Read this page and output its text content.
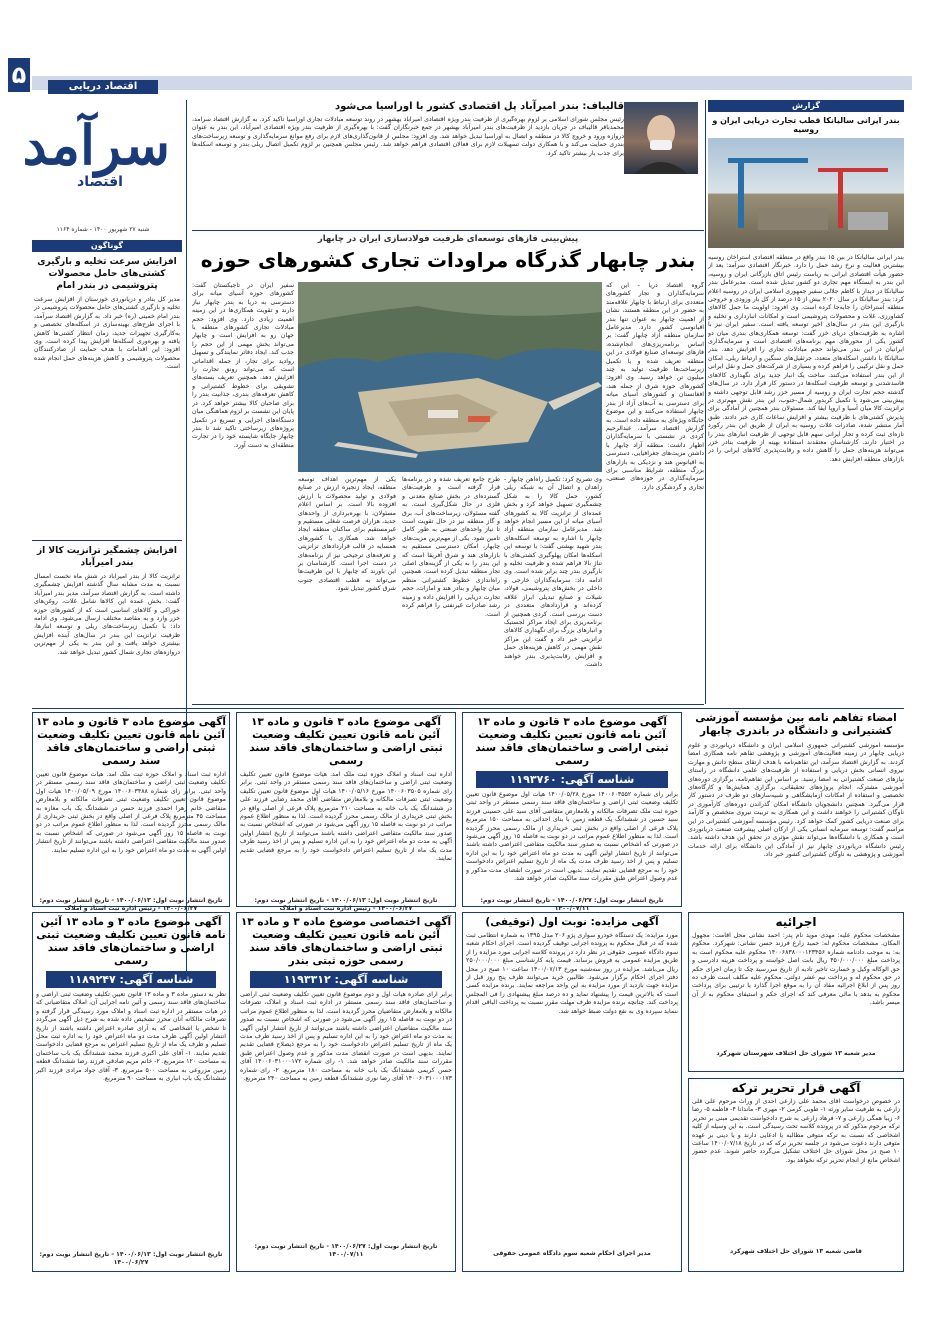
۵	اقتصاد دریایی
سرآمد
اقتصاد
شنبه ۲۷ شهریور ۱۴۰۰ - شماره ۱۱۶۴
گوناگون
افزایش سرعت تخلیه و بارگیری کشتی‌های حامل محصولات پتروشیمی در بندر امام
مدیر کل بنادر و دریانوردی خوزستان از افزایش سرعت تخلیه و بارگیری کشتی‌های حامل محصولات پتروشیمی در بندر امام خمینی (ره) خبر داد. به گزارش اقتصاد سرآمد، با اجرای طرح‌های بهینه‌سازی در اسکله‌های تخصصی و به‌کارگیری تجهیزات جدید، زمان انتظار کشتی‌ها کاهش یافته و بهره‌وری اسکله‌ها افزایش پیدا کرده است. وی افزود: این اقدامات با هدف حمایت از صادرکنندگان محصولات پتروشیمی و کاهش هزینه‌های حمل انجام شده است.
افزایش چشمگیر ترانزیت کالا از بندر امیرآباد
ترانزیت کالا از بندر امیرآباد در شش ماه نخست امسال نسبت به مدت مشابه سال گذشته افزایش چشمگیری داشته است. به گزارش اقتصاد سرآمد، مدیر بندر امیرآباد گفت: بخش عمده این کالاها شامل غلات، روغن‌های خوراکی و کالاهای اساسی است که از کشورهای حوزه خزر وارد و به مقاصد مختلف ارسال می‌شود. وی ادامه داد: با تکمیل زیرساخت‌های ریلی و توسعه انبارها، ظرفیت ترانزیت این بندر در سال‌های آینده افزایش بیشتری خواهد یافت و این بندر به یکی از مهم‌ترین دروازه‌های تجاری شمال کشور تبدیل خواهد شد.
قالیباف: بندر امیرآباد پل اقتصادی کشور با اوراسیا می‌شود
رئیس مجلس شورای اسلامی بر لزوم بهره‌گیری از ظرفیت بندر ویژه اقتصادی امیرآباد بهشهر در روند توسعه مبادلات تجاری اوراسیا تاکید کرد. به گزارش اقتصاد سرآمد، محمدباقر قالیباف در جریان بازدید از ظرفیت‌های بندر امیرآباد بهشهر در جمع خبرنگاران گفت: با بهره‌گیری از ظرفیت بندر ویژه اقتصادی امیرآباد، این بندر به عنوان دروازه ورود و خروج کالا در منطقه و اتصال به اوراسیا تبدیل خواهد شد. وی افزود: مجلس از قانون‌گذاری‌های لازم برای رفع موانع سرمایه‌گذاری و توسعه زیرساخت‌های بندری حمایت می‌کند و با همکاری دولت تسهیلات لازم برای فعالان اقتصادی فراهم خواهد شد. رئیس مجلس همچنین بر لزوم تکمیل اتصال ریلی بندر و توسعه اسکله‌ها برای جذب بار بیشتر تاکید کرد.
پیش‌بینی فازهای توسعه‌ای ظرفیت فولادسازی ایران در چابهار
بندر چابهار گذرگاه مراودات تجاری کشورهای حوزه
گروه اقتصاد دریا - این که سرمایه‌گذاران و تجار کشورهای متعددی برای ارتباط با چابهار علاقه‌مند به حضور در این منطقه هستند، نشان از اهمیت چابهار به عنوان تنها بندر اقیانوسی کشور دارد. مدیرعامل سازمان منطقه آزاد چابهار گفت: بر اساس برنامه‌ریزی‌های انجام‌شده، فازهای توسعه‌ای صنایع فولادی در این منطقه تعریف شده و با تکمیل زیرساخت‌ها ظرفیت تولید به چند میلیون تن خواهد رسید. وی افزود: کشورهای حوزه شرق از جمله هند، افغانستان و کشورهای آسیای میانه برای دسترسی به آب‌های آزاد از بندر چابهار استفاده می‌کنند و این موضوع جایگاه ویژه‌ای به منطقه داده است. به گزارش اقتصاد سرآمد، عبدالرحیم کردی در نشستی با سرمایه‌گذاران اظهار داشت: منطقه آزاد چابهار با داشتن مزیت‌های جغرافیایی، دسترسی به اقیانوس هند و نزدیکی به بازارهای بزرگ منطقه، شرایط مناسبی برای سرمایه‌گذاری در حوزه‌های صنعتی، تجاری و گردشگری دارد.
وی تصریح کرد: تکمیل راه‌آهن چابهار - زاهدان و اتصال آن به شبکه ریلی کشور، حمل کالا را به شکل چشمگیری تسهیل خواهد کرد و بخش عمده‌ای از ترانزیت کالا به کشورهای آسیای میانه از این مسیر انجام خواهد شد. مدیرعامل سازمان منطقه آزاد چابهار با اشاره به توسعه اسکله‌های بندر شهید بهشتی گفت: با توسعه این اسکله‌ها امکان پهلوگیری کشتی‌های با تناژ بالا فراهم شده و ظرفیت تخلیه و بارگیری بندر چند برابر شده است. وی ادامه داد: سرمایه‌گذاران خارجی و داخلی در بخش‌های پتروشیمی، فولاد، شیلات و صنایع تبدیلی ابراز علاقه کرده‌اند و قراردادهای متعددی در دست بررسی است. کردی همچنین از برنامه‌ریزی برای ایجاد مراکز لجستیک و انبارهای بزرگ برای نگهداری کالاهای ترانزیتی خبر داد و گفت این مراکز نقش مهمی در کاهش هزینه‌های حمل و افزایش رقابت‌پذیری بندر خواهند داشت.
طرح جامع تعریف شده و در برنامه‌ها قرار گرفته است و ظرفیت‌های گسترده‌ای در بخش صنایع معدنی و فلزی در حال شکل‌گیری است. به گفته مسئولان، زیرساخت‌های آب، برق و گاز منطقه نیز در حال تقویت است تا نیاز واحدهای صنعتی به طور کامل تامین شود. یکی از مهم‌ترین مزیت‌های چابهار، امکان دسترسی مستقیم به بازارهای هند و شرق آفریقا است که این بندر را به یکی از گزینه‌های اصلی تجار منطقه تبدیل کرده است. همچنین راه‌اندازی خطوط کشتیرانی منظم میان چابهار و بنادر هند و امارات، حجم تجارت دریایی را افزایش داده و زمینه رشد صادرات غیرنفتی را فراهم کرده است.
یکی از مهم‌ترین اهداف توسعه منطقه، ایجاد زنجیره ارزش در صنایع فولادی و تولید محصولات با ارزش افزوده بالا است. بر اساس اعلام مسئولان، با بهره‌برداری از واحدهای جدید، هزاران فرصت شغلی مستقیم و غیرمستقیم برای ساکنان منطقه ایجاد خواهد شد. همکاری با کشورهای همسایه در قالب قراردادهای ترانزیتی و تعرفه‌های ترجیحی نیز از برنامه‌های در دست اجرا است. کارشناسان بر این باورند که چابهار با این ظرفیت‌ها می‌تواند به قطب اقتصادی جنوب شرق کشور تبدیل شود.
سفیر ایران در تاجیکستان گفت: کشورهای حوزه آسیای میانه برای دسترسی به دریا به بندر چابهار نیاز دارند و تقویت همکاری‌ها در این زمینه اهمیت زیادی دارد. وی افزود: حجم مبادلات تجاری کشورهای منطقه با جهان رو به افزایش است و چابهار می‌تواند بخش مهمی از این حجم را جذب کند. ایجاد دفاتر نمایندگی و تسهیل روادید برای تجار، از جمله اقداماتی است که می‌تواند رونق تجارت را افزایش دهد. همچنین تعریف بسته‌های تشویقی برای خطوط کشتیرانی و کاهش تعرفه‌های بندری، جذابیت بندر را برای صاحبان کالا بیشتر خواهد کرد. در پایان این نشست بر لزوم هماهنگی میان دستگاه‌های اجرایی و تسریع در تکمیل پروژه‌های زیرساختی تاکید شد تا بندر چابهار جایگاه شایسته خود را در تجارت منطقه‌ای به دست آورد.
گزارش
بندر ایرانی سالیانکا قطب تجارت دریایی ایران و روسیه
بندر ایرانی سالیانکا در بین ۱۵ بندر واقع در منطقه اقتصادی آستراخان روسیه بیشترین فعالیت و نرخ رشد حمل را دارد. خبرنگار اقتصادی سرآمد: بعد از حضور هیأت اقتصادی ایرانی به ریاست رئیس اتاق بازرگانی ایران و روسیه، این بندر به ایستگاه مهم تجاری دو کشور تبدیل شده است. مدیرعامل بندر سالیانکا در دیدار با کاظم جلالی سفیر جمهوری اسلامی ایران در روسیه اعلام کرد: بندر سالیانکا در سال ۲۰۲۰ بیش از ۱۵ درصد از کل بار ورودی و خروجی منطقه آستراخان را جابه‌جا کرده است. وی افزود: اولویت ما حمل کالاهای کشاورزی، غلات و محصولات پتروشیمی است و امکانات انبارداری و تخلیه و بارگیری این بندر در سال‌های اخیر توسعه یافته است. سفیر ایران نیز با اشاره به ظرفیت‌های دریای خزر گفت: توسعه همکاری‌های بندری میان دو کشور یکی از محورهای مهم برنامه‌های اقتصادی است و سرمایه‌گذاری ایرانیان در این بندر می‌تواند حجم مبادلات تجاری را افزایش دهد. بندر سالیانکا با داشتن اسکله‌های متعدد، جرثقیل‌های سنگین و ارتباط ریلی، امکان حمل و نقل ترکیبی را فراهم کرده و بسیاری از شرکت‌های حمل و نقل ایرانی از این بندر استفاده می‌کنند. ساخت یک انبار جدید برای نگهداری کالاهای فاسدشدنی و توسعه ظرفیت اسکله‌ها در دستور کار قرار دارد. در سال‌های گذشته حجم تجارت ایران و روسیه از مسیر خزر رشد قابل توجهی داشته و پیش‌بینی می‌شود با تکمیل کریدور شمال-جنوب، این بندر نقش مهم‌تری در ترانزیت کالا میان آسیا و اروپا ایفا کند. مسئولان بندر همچنین از آمادگی برای پذیرش کشتی‌های با ظرفیت بیشتر و افزایش ساعات کاری خبر دادند. طبق آمار منتشر شده، صادرات غلات روسیه به ایران از طریق این بندر رکورد تازه‌ای ثبت کرده و تجار ایرانی سهم قابل توجهی از ظرفیت انبارهای بندر را در اختیار دارند. کارشناسان معتقدند استفاده بهینه از ظرفیت بنادر خزر می‌تواند هزینه‌های حمل را کاهش داده و رقابت‌پذیری کالاهای ایرانی را در بازارهای منطقه افزایش دهد.
امضاء تفاهم نامه بین مؤسسه آموزشی کشتیرانی و دانشگاه در باندری چابهار
مؤسسه آموزشی کشتیرانی جمهوری اسلامی ایران و دانشگاه دریانوردی و علوم دریایی چابهار در زمینه فعالیت‌های آموزشی و پژوهشی تفاهم نامه همکاری امضا کردند. به گزارش اقتصاد سرآمد، این تفاهم‌نامه با هدف ارتقای سطح دانش و مهارت نیروی انسانی بخش دریایی و استفاده از ظرفیت‌های علمی دانشگاه در راستای نیازهای صنعت کشتیرانی به امضا رسید. بر اساس این تفاهم‌نامه، برگزاری دوره‌های آموزشی مشترک، انجام پروژه‌های تحقیقاتی، برگزاری همایش‌ها و کارگاه‌های تخصصی و استفاده از امکانات آزمایشگاهی و شبیه‌سازهای دو طرف در دستور کار قرار می‌گیرد. همچنین دانشجویان دانشگاه امکان گذراندن دوره‌های کارآموزی در ناوگان کشتیرانی را خواهند داشت و این همکاری به تربیت نیروی متخصص و کارآمد برای صنعت دریایی کشور کمک خواهد کرد. رئیس مؤسسه آموزشی کشتیرانی در این مراسم گفت: توسعه سرمایه انسانی یکی از ارکان اصلی پیشرفت صنعت دریانوردی است و همکاری با دانشگاه‌ها می‌تواند نقش مؤثری در تحقق این هدف داشته باشد. رئیس دانشگاه دریانوردی چابهار نیز از آمادگی این دانشگاه برای ارائه خدمات آموزشی و پژوهشی به ناوگان کشتیرانی کشور خبر داد.
آگهی موضوع ماده ۳ قانون و ماده ۱۳ آئین نامه قانون تعیین تکلیف وضعیت ثبتی اراضی و ساختمان‌های فاقد سند رسمی
شناسه آگهی: ۱۱۹۳۷۶۰
برابر رای شماره ۱۴۰۰۶۰۳۵۵۲ مورخ ۱۴۰۰/۰۵/۲۸ هیات اول موضوع قانون تعیین تکلیف وضعیت ثبتی اراضی و ساختمان‌های فاقد سند رسمی مستقر در واحد ثبتی حوزه ثبت ملک تصرفات مالکانه و بلامعارض متقاضی آقای سید علی حسینی فرزند سید حسین در ششدانگ یک قطعه زمین با بنای احداثی به مساحت ۱۵۰ مترمربع پلاک فرعی از اصلی واقع در بخش ثبتی خریداری از مالک رسمی محرز گردیده است. لذا به منظور اطلاع عموم مراتب در دو نوبت به فاصله ۱۵ روز آگهی می‌شود در صورتی که اشخاص نسبت به صدور سند مالکیت متقاضی اعتراضی داشته باشند می‌توانند از تاریخ انتشار اولین آگهی به مدت دو ماه اعتراض خود را به این اداره تسلیم و پس از اخذ رسید ظرف مدت یک ماه از تاریخ تسلیم اعتراض دادخواست خود را به مرجع قضایی تقدیم نمایند. بدیهی است در صورت انقضای مدت مذکور و عدم وصول اعتراض طبق مقررات سند مالکیت صادر خواهد شد.
تاریخ انتشار نوبت اول: ۱۴۰۰/۰۶/۲۷ - تاریخ انتشار نوبت دوم: ۱۴۰۰/۰۷/۱۱
آگهی موضوع ماده ۳ قانون و ماده ۱۳ آئین نامه قانون تعیین تکلیف وضعیت ثبتی اراضی و ساختمان‌های فاقد سند رسمی
اداره ثبت اسناد و املاک حوزه ثبت ملک آمد. هیات موضوع قانون تعیین تکلیف وضعیت ثبتی اراضی و ساختمان‌های فاقد سند رسمی مستقر در واحد ثبتی. برابر رای شماره ۱۴۰۰۶۰۳۵۰۵ مورخ ۱۴۰۰/۰۵/۱۶ هیات اول موضوع قانون تعیین تکلیف وضعیت ثبتی تصرفات مالکانه و بلامعارض متقاضی آقای محمد رضایی فرزند علی در ششدانگ یک باب خانه به مساحت ۲۱۰ مترمربع پلاک فرعی از اصلی واقع در بخش ثبتی خریداری از مالک رسمی محرز گردیده است. لذا به منظور اطلاع عموم مراتب در دو نوبت به فاصله ۱۵ روز آگهی می‌شود در صورتی که اشخاص نسبت به صدور سند مالکیت متقاضی اعتراضی داشته باشند می‌توانند از تاریخ انتشار اولین آگهی به مدت دو ماه اعتراض خود را به این اداره تسلیم و پس از اخذ رسید ظرف مدت یک ماه از تاریخ تسلیم اعتراض دادخواست خود را به مرجع قضایی تقدیم نمایند.
تاریخ انتشار نوبت اول: ۱۴۰۰/۰۶/۱۳ - تاریخ انتشار نوبت دوم: ۱۴۰۰/۰۶/۲۷ - رئیس اداره ثبت اسناد و املاک
آگهی موضوع ماده ۳ قانون و ماده ۱۳ آئین نامه قانون تعیین تکلیف وضعیت ثبتی اراضی و ساختمان‌های فاقد سند رسمی
اداره ثبت اسناد و املاک حوزه ثبت ملک آمد. هیات موضوع قانون تعیین تکلیف وضعیت ثبتی اراضی و ساختمان‌های فاقد سند رسمی مستقر در واحد ثبتی. برابر رای شماره ۱۴۰۰۶۰۳۴۸۸ مورخ ۱۴۰۰/۰۵/۰۹ هیات اول موضوع قانون تعیین تکلیف وضعیت ثبتی تصرفات مالکانه و بلامعارض متقاضی خانم زهرا احمدی فرزند حسن در ششدانگ یک باب مغازه به مساحت ۴۵ مترمربع پلاک فرعی از اصلی واقع در بخش ثبتی خریداری از مالک رسمی محرز گردیده است. لذا به منظور اطلاع عموم مراتب در دو نوبت به فاصله ۱۵ روز آگهی می‌شود در صورتی که اشخاص نسبت به صدور سند مالکیت متقاضی اعتراضی داشته باشند می‌توانند از تاریخ انتشار اولین آگهی به مدت دو ماه اعتراض خود را به این اداره تسلیم نمایند.
تاریخ انتشار نوبت اول: ۱۴۰۰/۰۶/۱۳ - تاریخ انتشار نوبت دوم: ۱۴۰۰/۰۶/۲۷ - رئیس اداره ثبت اسناد و املاک
اجرائیه
مشخصات محکوم علیه: مهدی موید نام پدر: احمد نشانی محل اقامت: مجهول المکان. مشخصات محکوم له: حمید زارع فرزند حسن نشانی: شهرکرد. محکوم به: به موجب دادنامه شماره ۱۴۰۰۶۸۳۸۰۰۰۱۲۳۴۵۶ محکوم علیه محکوم است به پرداخت مبلغ ۴۵۰/۰۰۰/۰۰۰ ریال بابت اصل خواسته و پرداخت هزینه دادرسی و حق الوکاله وکیل و خسارت تاخیر تادیه از تاریخ سررسید چک تا زمان اجرای حکم در حق محکوم له و پرداخت نیم عشر دولتی. محکوم علیه مکلف است ظرف ده روز پس از ابلاغ اجرائیه مفاد آن را به موقع اجرا گذارد یا ترتیبی برای پرداخت محکوم به بدهد یا مالی معرفی کند که اجرای حکم و استیفای محکوم به از آن میسر باشد.
مدیر شعبه ۱۳ شورای حل اختلاف شهرستان شهرکرد
آگهی مزایده: نوبت اول (توقیفی)
مورد مزایده: یک دستگاه خودرو سواری پژو ۲۰۶ مدل ۱۳۹۵ به شماره انتظامی ثبت شده که در قبال محکوم به پرونده اجرایی توقیف گردیده است. اجرای احکام شعبه سوم دادگاه عمومی حقوقی در نظر دارد در پرونده کلاسه اجرایی مورد مزایده را از طریق مزایده عمومی به فروش برساند. قیمت پایه کارشناسی مبلغ ۲۵۰/۰۰۰/۰۰۰ ریال می‌باشد. مزایده در روز سه‌شنبه مورخ ۱۴۰۰/۰۷/۱۳ ساعت ۱۰ صبح در محل دفتر اجرای احکام برگزار می‌شود. طالبین خرید می‌توانند ظرف پنج روز قبل از مزایده جهت بازدید از مورد مزایده به این واحد مراجعه نمایند. برنده مزایده کسی است که بالاترین قیمت را پیشنهاد نماید و ده درصد مبلغ پیشنهادی را فی المجلس پرداخت کند. چنانچه برنده مزایده ظرف مهلت مقرر نسبت به پرداخت الباقی اقدام ننماید سپرده وی به نفع دولت ضبط خواهد شد.
مدیر اجرای احکام شعبه سوم دادگاه عمومی حقوقی
آگهی اختصاصی موضوع ماده ۳ و ماده ۱۳ آئین نامه قانون تعیین تکلیف وضعیت ثبتی اراضی و ساختمان‌های فاقد سند رسمی حوزه ثبتی بندر
شناسه آگهی: ۱۱۹۳۳۱۲
برابر آرای صادره هیات اول و دوم موضوع قانون تعیین تکلیف وضعیت ثبتی اراضی و ساختمان‌های فاقد سند رسمی مستقر در اداره ثبت اسناد و املاک، تصرفات مالکانه و بلامعارض متقاضیان محرز گردیده است. لذا به منظور اطلاع عموم مراتب در دو نوبت به فاصله ۱۵ روز آگهی می‌شود در صورتی که اشخاص نسبت به صدور سند مالکیت متقاضیان اعتراضی داشته باشند می‌توانند از تاریخ انتشار اولین آگهی به مدت دو ماه اعتراض خود را به این اداره تسلیم و پس از اخذ رسید ظرف مدت یک ماه از تاریخ تسلیم اعتراض دادخواست خود را به مرجع ذیصلاح قضایی تقدیم نمایند. بدیهی است در صورت انقضای مدت مذکور و عدم وصول اعتراض طبق مقررات سند مالکیت صادر خواهد شد. ۱- رای شماره ۱۴۰۰۶۰۳۱۰۰۰۱۷۲ آقای حسن کریمی ششدانگ یک باب خانه به مساحت ۱۸۰ مترمربع. ۲- رای شماره ۱۴۰۰۶۰۳۱۰۰۰۱۷۳ آقای رضا نوری ششدانگ قطعه زمین به مساحت ۲۴۰ مترمربع.
تاریخ انتشار نوبت اول: ۱۴۰۰/۰۶/۲۷ - تاریخ انتشار نوبت دوم: ۱۴۰۰/۰۷/۱۱
آگهی موضوع ماده ۳ و ماده ۱۳ آئین نامه قانون تعیین تکلیف وضعیت ثبتی اراضی و ساختمان‌های فاقد سند رسمی
شناسه آگهی: ۱۱۸۹۲۴۷
نظر به دستور ماده ۳ و ماده ۱۳ قانون تعیین تکلیف وضعیت ثبتی اراضی و ساختمان‌های فاقد سند رسمی و آئین نامه اجرایی آن، املاک متقاضیانی که در هیات مستقر در اداره ثبت اسناد و املاک مورد رسیدگی قرار گرفته و تصرفات مالکانه آنان محرز تشخیص داده شده به شرح ذیل آگهی می‌گردد تا شخص یا اشخاصی که به آرای صادره اعتراض داشته باشند از تاریخ انتشار اولین آگهی ظرف مدت دو ماه اعتراض خود را به اداره ثبت محل تسلیم و ظرف یک ماه از تاریخ تسلیم اعتراض به مرجع قضایی دادخواست تقدیم نمایند. ۱- آقای علی اکبری فرزند محمد ششدانگ یک باب ساختمان به مساحت ۱۲۰ مترمربع. ۲- خانم مریم صادقی فرزند رضا ششدانگ قطعه زمین مزروعی به مساحت ۵۰۰ مترمربع. ۳- آقای جواد مرادی فرزند اکبر ششدانگ یک باب انباری به مساحت ۹۰ مترمربع.
تاریخ انتشار نوبت اول: ۱۴۰۰/۰۶/۱۳ - تاریخ انتشار نوبت دوم: ۱۴۰۰/۰۶/۲۷
آگهی قرار تحریر ترکه
در خصوص درخواست آقای محمد علی زارعی احدی از وراث مرحوم علی قلی زارعی به طرفیت سایر ورثه ۱- طوبی کرمی ۲- مهری ۳- ماندانا ۴- فاطمه ۵- رضا ۶- زیبا همگی زارعی و ۷- فرهاد زارعی به شرح دادخواست تقدیمی مبنی بر تحریر ترکه مرحوم مذکور که در پرونده کلاسه تحت رسیدگی است. به این وسیله از کلیه اشخاصی که نسبت به ترکه متوفی مطالبه یا ادعایی دارند و یا دینی بر عهده متوفی دارند دعوت می‌شود در جلسه تحریر ترکه که در تاریخ ۱۴۰۰/۰۷/۱۸ ساعت ۱۰ صبح در محل شورای حل اختلاف تشکیل می‌گردد حاضر شوند. عدم حضور اشخاص مانع از انجام تحریر ترکه نخواهد بود.
قاضی شعبه ۱۳ شورای حل اختلاف شهرکرد
